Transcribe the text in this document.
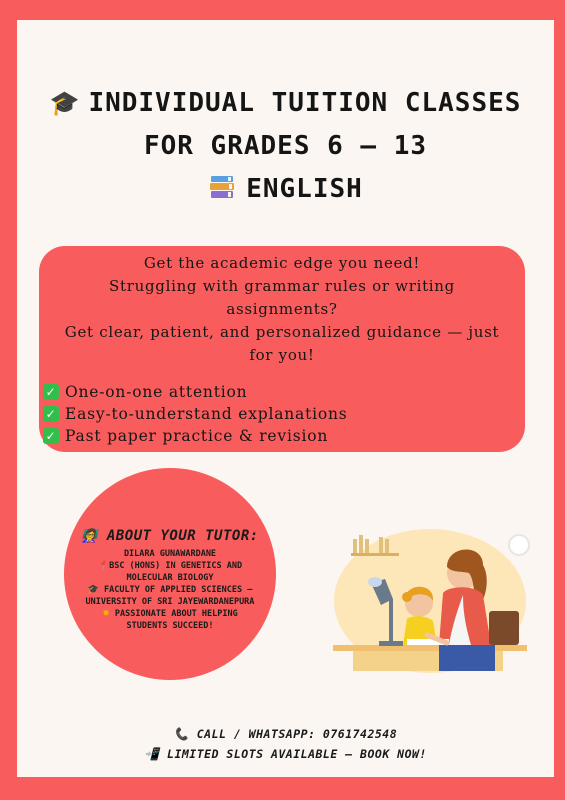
🎓 INDIVIDUAL TUITION CLASSES
FOR GRADES 6 – 13
ENGLISH
Get the academic edge you need!
Struggling with grammar rules or writing assignments?
Get clear, patient, and personalized guidance — just for you!
✓ One-on-one attention
✓ Easy-to-understand explanations
✓ Past paper practice & revision
👩‍🏫 ABOUT YOUR TUTOR:
DILARA GUNAWARDANE
📍BSC (HONS) IN GENETICS AND
MOLECULAR BIOLOGY
🎓 FACULTY OF APPLIED SCIENCES –
UNIVERSITY OF SRI JAYEWARDANEPURA
✸ PASSIONATE ABOUT HELPING
STUDENTS SUCCEED!
📞 CALL / WHATSAPP: 0761742548
📲 LIMITED SLOTS AVAILABLE – BOOK NOW!
